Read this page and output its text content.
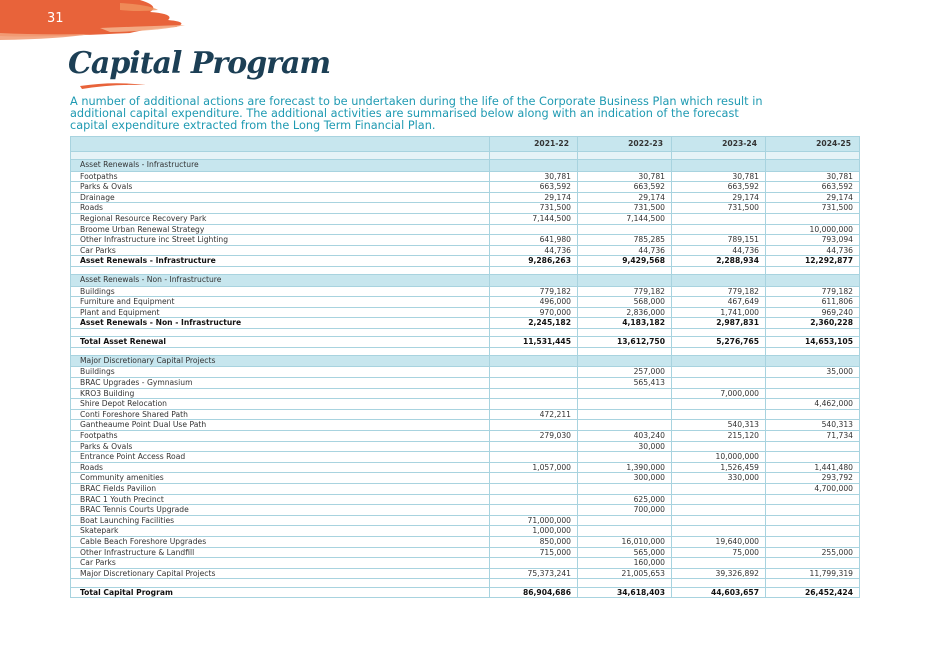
31
Capital Program
A number of additional actions are forecast to be undertaken during the life of the Corporate Business Plan which result in additional capital expenditure. The additional activities are summarised below along with an indication of the forecast capital expenditure extracted from the Long Term Financial Plan.
	2021-22	2022-23	2023-24	2024-25

Asset Renewals - Infrastructure				
Footpaths	30,781	30,781	30,781	30,781
Parks & Ovals	663,592	663,592	663,592	663,592
Drainage	29,174	29,174	29,174	29,174
Roads	731,500	731,500	731,500	731,500
Regional Resource Recovery Park	7,144,500	7,144,500		
Broome Urban Renewal Strategy				10,000,000
Other Infrastructure inc Street Lighting	641,980	785,285	789,151	793,094
Car Parks	44,736	44,736	44,736	44,736
Asset Renewals - Infrastructure	9,286,263	9,429,568	2,288,934	12,292,877

Asset Renewals - Non - Infrastructure				
Buildings	779,182	779,182	779,182	779,182
Furniture and Equipment	496,000	568,000	467,649	611,806
Plant and Equipment	970,000	2,836,000	1,741,000	969,240
Asset Renewals - Non - Infrastructure	2,245,182	4,183,182	2,987,831	2,360,228

Total Asset Renewal	11,531,445	13,612,750	5,276,765	14,653,105

Major Discretionary Capital Projects				
Buildings		257,000		35,000
BRAC Upgrades - Gymnasium		565,413		
KRO3 Building			7,000,000	
Shire Depot Relocation				4,462,000
Conti Foreshore Shared Path	472,211			
Gantheaume Point Dual Use Path			540,313	540,313
Footpaths	279,030	403,240	215,120	71,734
Parks & Ovals		30,000		
Entrance Point Access Road			10,000,000	
Roads	1,057,000	1,390,000	1,526,459	1,441,480
Community amenities		300,000	330,000	293,792
BRAC Fields Pavilion				4,700,000
BRAC 1 Youth Precinct		625,000		
BRAC Tennis Courts Upgrade		700,000		
Boat Launching Facilities	71,000,000			
Skatepark	1,000,000			
Cable Beach Foreshore Upgrades	850,000	16,010,000	19,640,000	
Other Infrastructure & Landfill	715,000	565,000	75,000	255,000
Car Parks		160,000		
Major Discretionary Capital Projects	75,373,241	21,005,653	39,326,892	11,799,319

Total Capital Program	86,904,686	34,618,403	44,603,657	26,452,424
